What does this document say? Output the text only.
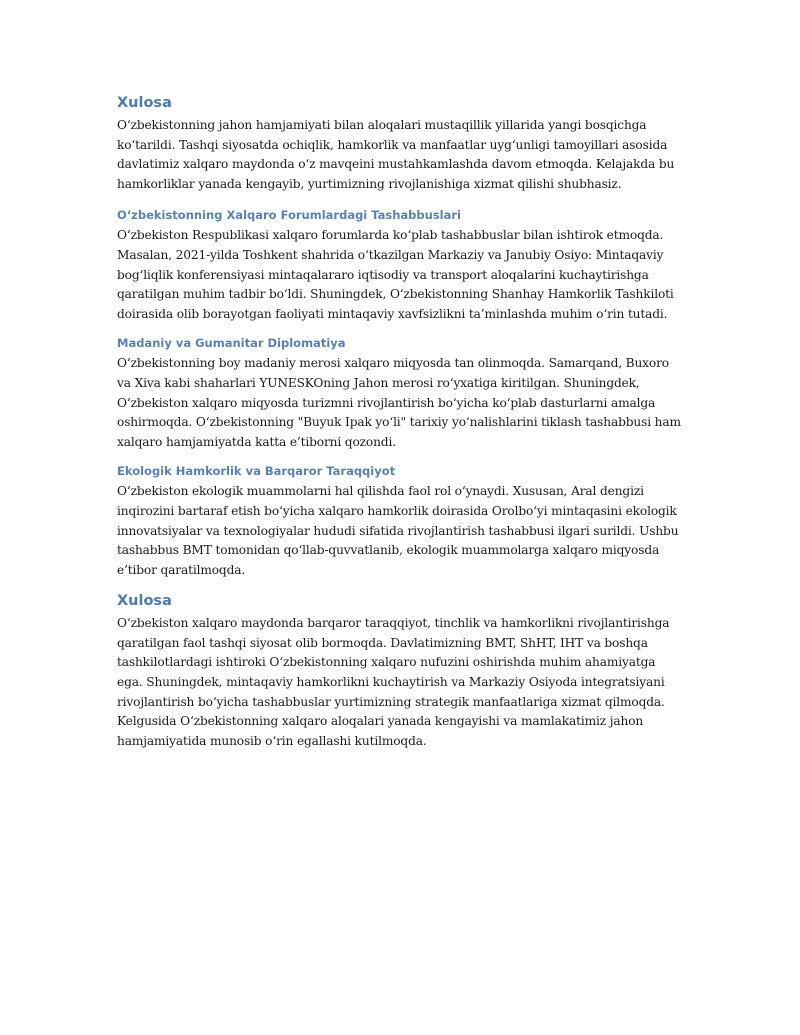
Xulosa

O‘zbekistonning jahon hamjamiyati bilan aloqalari mustaqillik yillarida yangi bosqichga ko‘tarildi. Tashqi siyosatda ochiqlik, hamkorlik va manfaatlar uyg‘unligi tamoyillari asosida davlatimiz xalqaro maydonda o‘z mavqeini mustahkamlashda davom etmoqda. Kelajakda bu hamkorliklar yanada kengayib, yurtimizning rivojlanishiga xizmat qilishi shubhasiz.

O‘zbekistonning Xalqaro Forumlardagi Tashabbuslari

O‘zbekiston Respublikasi xalqaro forumlarda ko‘plab tashabbuslar bilan ishtirok etmoqda. Masalan, 2021-yilda Toshkent shahrida o‘tkazilgan Markaziy va Janubiy Osiyo: Mintaqaviy bog‘liqlik konferensiyasi mintaqalararo iqtisodiy va transport aloqalarini kuchaytirishga qaratilgan muhim tadbir bo‘ldi. Shuningdek, O‘zbekistonning Shanhay Hamkorlik Tashkiloti doirasida olib borayotgan faoliyati mintaqaviy xavfsizlikni ta’minlashda muhim o‘rin tutadi.

Madaniy va Gumanitar Diplomatiya

O‘zbekistonning boy madaniy merosi xalqaro miqyosda tan olinmoqda. Samarqand, Buxoro va Xiva kabi shaharlari YUNESKOning Jahon merosi ro‘yxatiga kiritilgan. Shuningdek, O‘zbekiston xalqaro miqyosda turizmni rivojlantirish bo‘yicha ko‘plab dasturlarni amalga oshirmoqda. O‘zbekistonning "Buyuk Ipak yo‘li" tarixiy yo‘nalishlarini tiklash tashabbusi ham xalqaro hamjamiyatda katta e’tiborni qozondi.

Ekologik Hamkorlik va Barqaror Taraqqiyot

O‘zbekiston ekologik muammolarni hal qilishda faol rol o‘ynaydi. Xususan, Aral dengizi inqirozini bartaraf etish bo‘yicha xalqaro hamkorlik doirasida Orolbo‘yi mintaqasini ekologik innovatsiyalar va texnologiyalar hududi sifatida rivojlantirish tashabbusi ilgari surildi. Ushbu tashabbus BMT tomonidan qo‘llab-quvvatlanib, ekologik muammolarga xalqaro miqyosda e’tibor qaratilmoqda.

Xulosa

O‘zbekiston xalqaro maydonda barqaror taraqqiyot, tinchlik va hamkorlikni rivojlantirishga qaratilgan faol tashqi siyosat olib bormoqda. Davlatimizning BMT, ShHT, IHT va boshqa tashkilotlardagi ishtiroki O‘zbekistonning xalqaro nufuzini oshirishda muhim ahamiyatga ega. Shuningdek, mintaqaviy hamkorlikni kuchaytirish va Markaziy Osiyoda integratsiyani rivojlantirish bo‘yicha tashabbuslar yurtimizning strategik manfaatlariga xizmat qilmoqda. Kelgusida O‘zbekistonning xalqaro aloqalari yanada kengayishi va mamlakatimiz jahon hamjamiyatida munosib o‘rin egallashi kutilmoqda.
